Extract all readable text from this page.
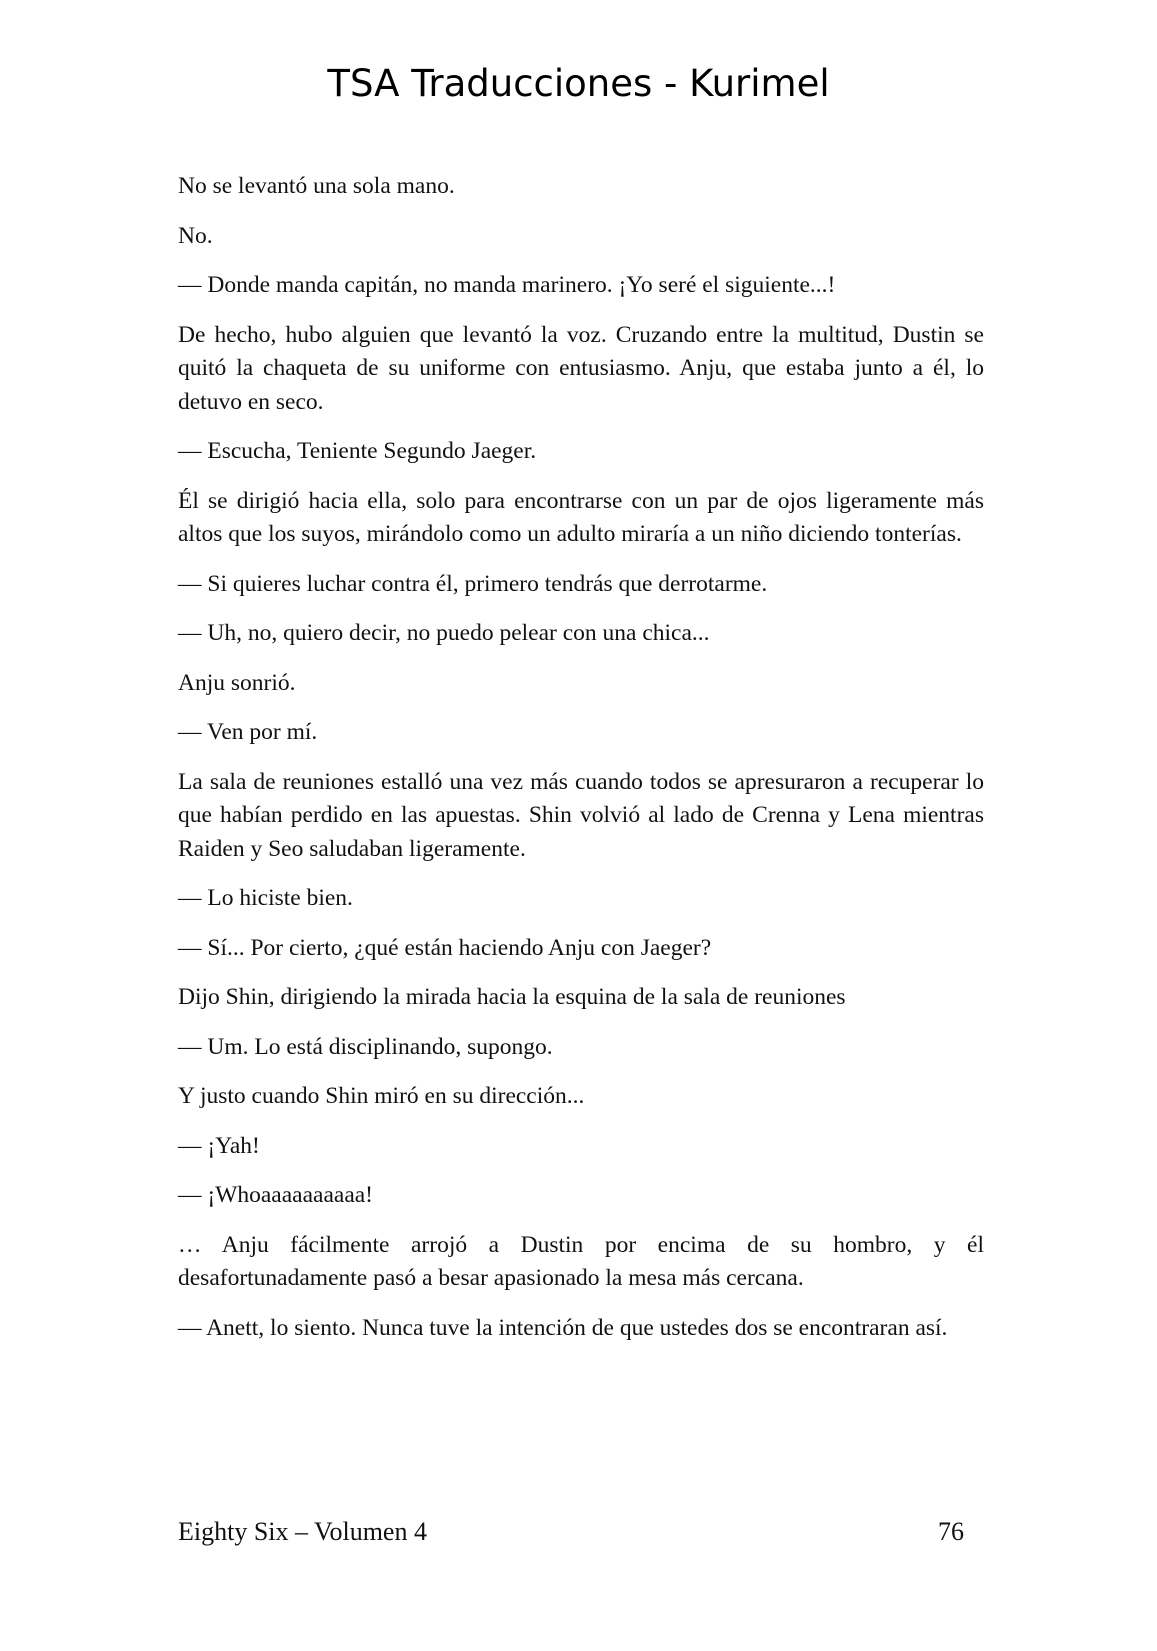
TSA Traducciones - Kurimel

No se levantó una sola mano.

No.

— Donde manda capitán, no manda marinero. ¡Yo seré el siguiente...!

De hecho, hubo alguien que levantó la voz. Cruzando entre la multitud, Dustin se quitó la chaqueta de su uniforme con entusiasmo. Anju, que estaba junto a él, lo detuvo en seco.

— Escucha, Teniente Segundo Jaeger.

Él se dirigió hacia ella, solo para encontrarse con un par de ojos ligeramente más altos que los suyos, mirándolo como un adulto miraría a un niño diciendo tonterías.

— Si quieres luchar contra él, primero tendrás que derrotarme.

— Uh, no, quiero decir, no puedo pelear con una chica...

Anju sonrió.

— Ven por mí.

La sala de reuniones estalló una vez más cuando todos se apresuraron a recuperar lo que habían perdido en las apuestas. Shin volvió al lado de Crenna y Lena mientras Raiden y Seo saludaban ligeramente.

— Lo hiciste bien.

— Sí... Por cierto, ¿qué están haciendo Anju con Jaeger?

Dijo Shin, dirigiendo la mirada hacia la esquina de la sala de reuniones

— Um. Lo está disciplinando, supongo.

Y justo cuando Shin miró en su dirección...

— ¡Yah!

— ¡Whoaaaaaaaaaa!

… Anju fácilmente arrojó a Dustin por encima de su hombro, y él desafortunadamente pasó a besar apasionado la mesa más cercana.

— Anett, lo siento. Nunca tuve la intención de que ustedes dos se encontraran así.

Eighty Six – Volumen 4	76
